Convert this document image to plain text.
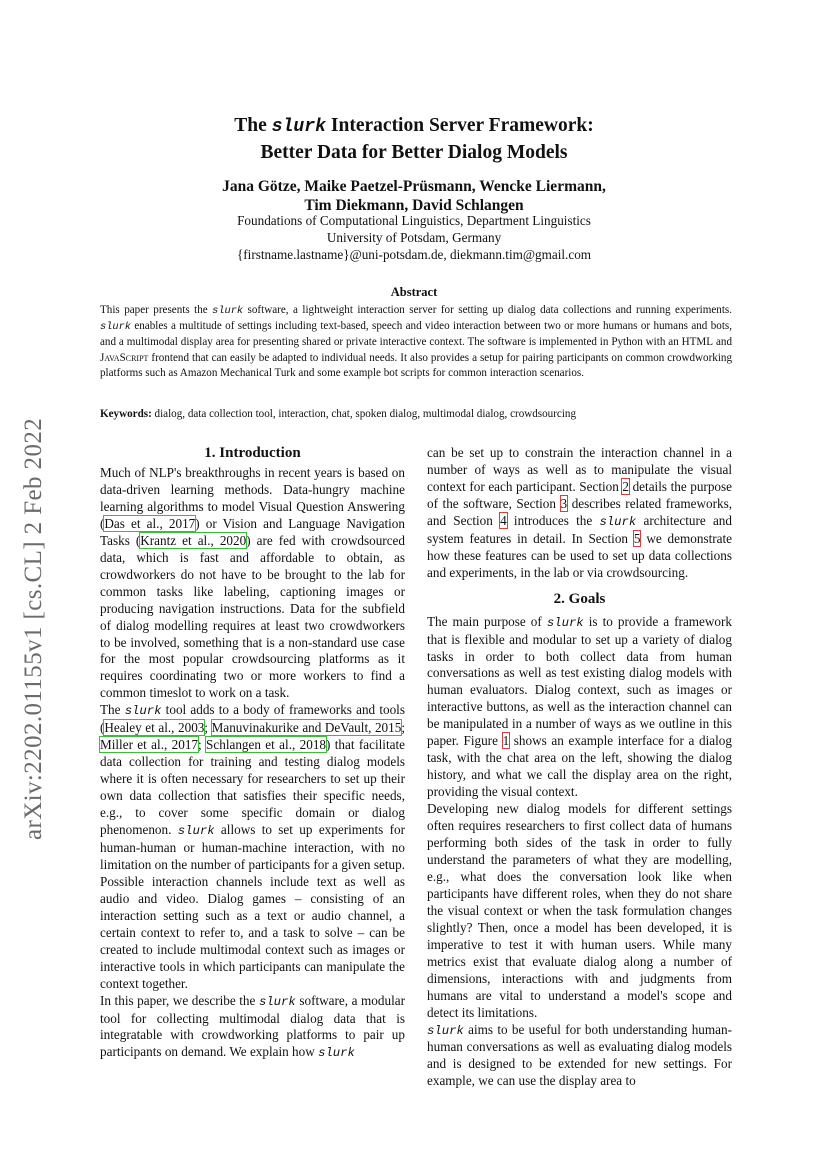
arXiv:2202.01155v1 [cs.CL] 2 Feb 2022
The slurk Interaction Server Framework:
Better Data for Better Dialog Models
Jana Götze, Maike Paetzel-Prüsmann, Wencke Liermann,
Tim Diekmann, David Schlangen
Foundations of Computational Linguistics, Department Linguistics
University of Potsdam, Germany
{firstname.lastname}@uni-potsdam.de, diekmann.tim@gmail.com
Abstract
This paper presents the slurk software, a lightweight interaction server for setting up dialog data collections and running experiments. slurk enables a multitude of settings including text-based, speech and video interaction between two or more humans or humans and bots, and a multimodal display area for presenting shared or private interactive context. The software is implemented in Python with an HTML and JavaScript frontend that can easily be adapted to individual needs. It also provides a setup for pairing participants on common crowdworking platforms such as Amazon Mechanical Turk and some example bot scripts for common interaction scenarios.
Keywords: dialog, data collection tool, interaction, chat, spoken dialog, multimodal dialog, crowdsourcing
1. Introduction

Much of NLP's breakthroughs in recent years is based on data-driven learning methods. Data-hungry machine learning algorithms to model Visual Question Answering (Das et al., 2017) or Vision and Language Navigation Tasks (Krantz et al., 2020) are fed with crowdsourced data, which is fast and affordable to obtain, as crowdworkers do not have to be brought to the lab for common tasks like labeling, captioning images or producing navigation instructions. Data for the subfield of dialog modelling requires at least two crowdworkers to be involved, something that is a non-standard use case for the most popular crowdsourcing platforms as it requires coordinating two or more workers to find a common timeslot to work on a task.

The slurk tool adds to a body of frameworks and tools (Healey et al., 2003; Manuvinakurike and DeVault, 2015; Miller et al., 2017; Schlangen et al., 2018) that facilitate data collection for training and testing dialog models where it is often necessary for researchers to set up their own data collection that satisfies their specific needs, e.g., to cover some specific domain or dialog phenomenon. slurk allows to set up experiments for human-human or human-machine interaction, with no limitation on the number of participants for a given setup. Possible interaction channels include text as well as audio and video. Dialog games – consisting of an interaction setting such as a text or audio channel, a certain context to refer to, and a task to solve – can be created to include multimodal context such as images or interactive tools in which participants can manipulate the context together.

In this paper, we describe the slurk software, a modular tool for collecting multimodal dialog data that is integratable with crowdworking platforms to pair up participants on demand. We explain how slurk

can be set up to constrain the interaction channel in a number of ways as well as to manipulate the visual context for each participant. Section 2 details the purpose of the software, Section 3 describes related frameworks, and Section 4 introduces the slurk architecture and system features in detail. In Section 5 we demonstrate how these features can be used to set up data collections and experiments, in the lab or via crowdsourcing.

2. Goals

The main purpose of slurk is to provide a framework that is flexible and modular to set up a variety of dialog tasks in order to both collect data from human conversations as well as test existing dialog models with human evaluators. Dialog context, such as images or interactive buttons, as well as the interaction channel can be manipulated in a number of ways as we outline in this paper. Figure 1 shows an example interface for a dialog task, with the chat area on the left, showing the dialog history, and what we call the display area on the right, providing the visual context.

Developing new dialog models for different settings often requires researchers to first collect data of humans performing both sides of the task in order to fully understand the parameters of what they are modelling, e.g., what does the conversation look like when participants have different roles, when they do not share the visual context or when the task formulation changes slightly? Then, once a model has been developed, it is imperative to test it with human users. While many metrics exist that evaluate dialog along a number of dimensions, interactions with and judgments from humans are vital to understand a model's scope and detect its limitations.

slurk aims to be useful for both understanding human-human conversations as well as evaluating dialog models and is designed to be extended for new settings. For example, we can use the display area to
